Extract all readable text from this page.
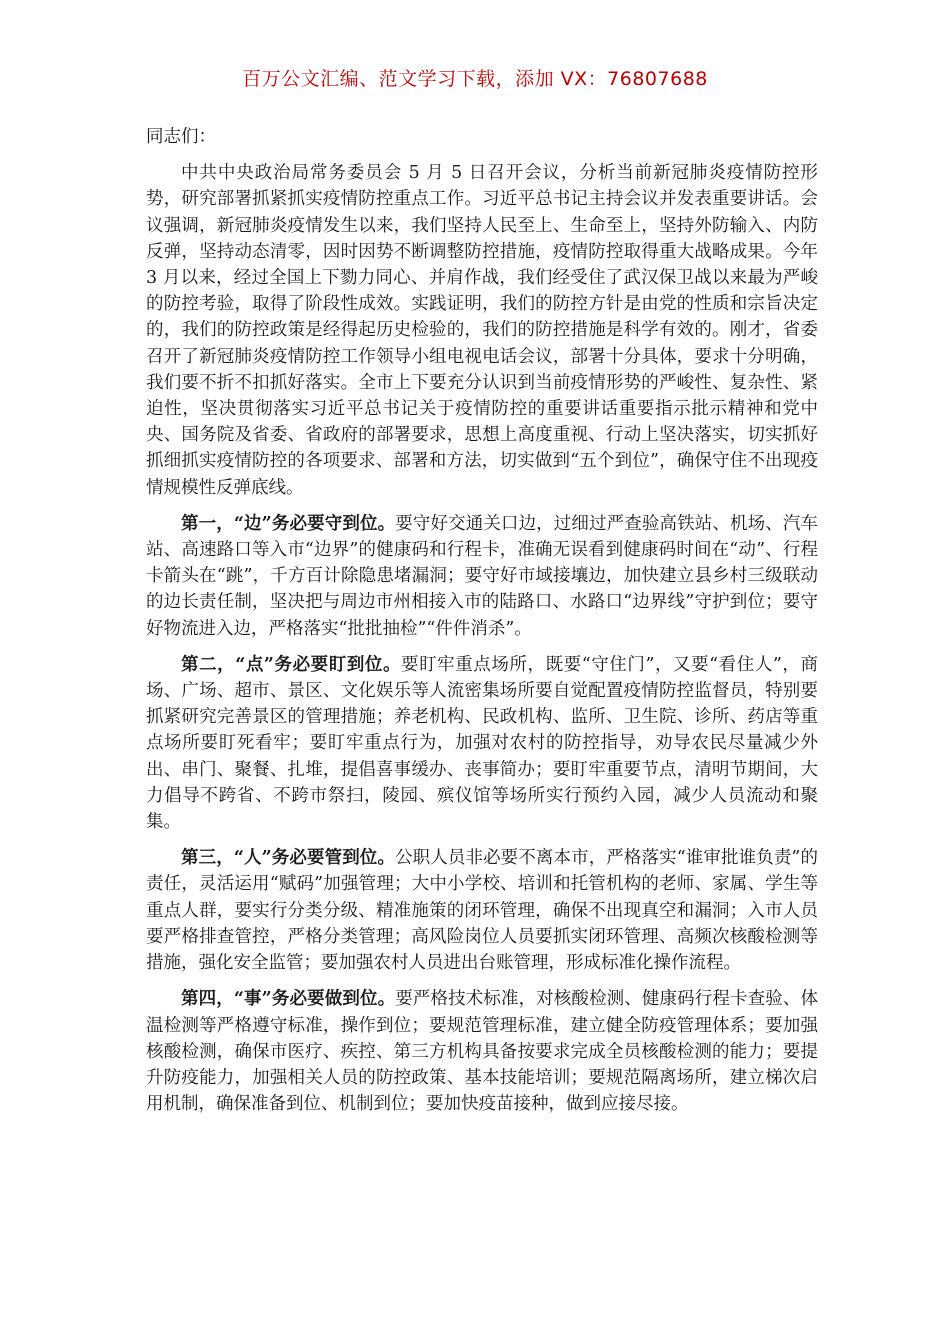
百万公文汇编、范文学习下载，添加 VX：76807688

同志们：

中共中央政治局常务委员会 5 月 5 日召开会议，分析当前新冠肺炎疫情防控形势，研究部署抓紧抓实疫情防控重点工作。习近平总书记主持会议并发表重要讲话。会议强调，新冠肺炎疫情发生以来，我们坚持人民至上、生命至上，坚持外防输入、内防反弹，坚持动态清零，因时因势不断调整防控措施，疫情防控取得重大战略成果。今年 3 月以来，经过全国上下勠力同心、并肩作战，我们经受住了武汉保卫战以来最为严峻的防控考验，取得了阶段性成效。实践证明，我们的防控方针是由党的性质和宗旨决定的，我们的防控政策是经得起历史检验的，我们的防控措施是科学有效的。刚才，省委召开了新冠肺炎疫情防控工作领导小组电视电话会议，部署十分具体，要求十分明确，我们要不折不扣抓好落实。全市上下要充分认识到当前疫情形势的严峻性、复杂性、紧迫性，坚决贯彻落实习近平总书记关于疫情防控的重要讲话重要指示批示精神和党中央、国务院及省委、省政府的部署要求，思想上高度重视、行动上坚决落实，切实抓好抓细抓实疫情防控的各项要求、部署和方法，切实做到“五个到位”，确保守住不出现疫情规模性反弹底线。

第一，“边”务必要守到位。要守好交通关口边，过细过严查验高铁站、机场、汽车站、高速路口等入市“边界”的健康码和行程卡，准确无误看到健康码时间在“动”、行程卡箭头在“跳”，千方百计除隐患堵漏洞；要守好市域接壤边，加快建立县乡村三级联动的边长责任制，坚决把与周边市州相接入市的陆路口、水路口“边界线”守护到位；要守好物流进入边，严格落实“批批抽检”“件件消杀”。

第二，“点”务必要盯到位。要盯牢重点场所，既要“守住门”，又要“看住人”，商场、广场、超市、景区、文化娱乐等人流密集场所要自觉配置疫情防控监督员，特别要抓紧研究完善景区的管理措施；养老机构、民政机构、监所、卫生院、诊所、药店等重点场所要盯死看牢；要盯牢重点行为，加强对农村的防控指导，劝导农民尽量减少外出、串门、聚餐、扎堆，提倡喜事缓办、丧事简办；要盯牢重要节点，清明节期间，大力倡导不跨省、不跨市祭扫，陵园、殡仪馆等场所实行预约入园，减少人员流动和聚集。

第三，“人”务必要管到位。公职人员非必要不离本市，严格落实“谁审批谁负责”的责任，灵活运用“赋码”加强管理；大中小学校、培训和托管机构的老师、家属、学生等重点人群，要实行分类分级、精准施策的闭环管理，确保不出现真空和漏洞；入市人员要严格排查管控，严格分类管理；高风险岗位人员要抓实闭环管理、高频次核酸检测等措施，强化安全监管；要加强农村人员进出台账管理，形成标准化操作流程。

第四，“事”务必要做到位。要严格技术标准，对核酸检测、健康码行程卡查验、体温检测等严格遵守标准，操作到位；要规范管理标准，建立健全防疫管理体系；要加强核酸检测，确保市医疗、疾控、第三方机构具备按要求完成全员核酸检测的能力；要提升防疫能力，加强相关人员的防控政策、基本技能培训；要规范隔离场所，建立梯次启用机制，确保准备到位、机制到位；要加快疫苗接种，做到应接尽接。
